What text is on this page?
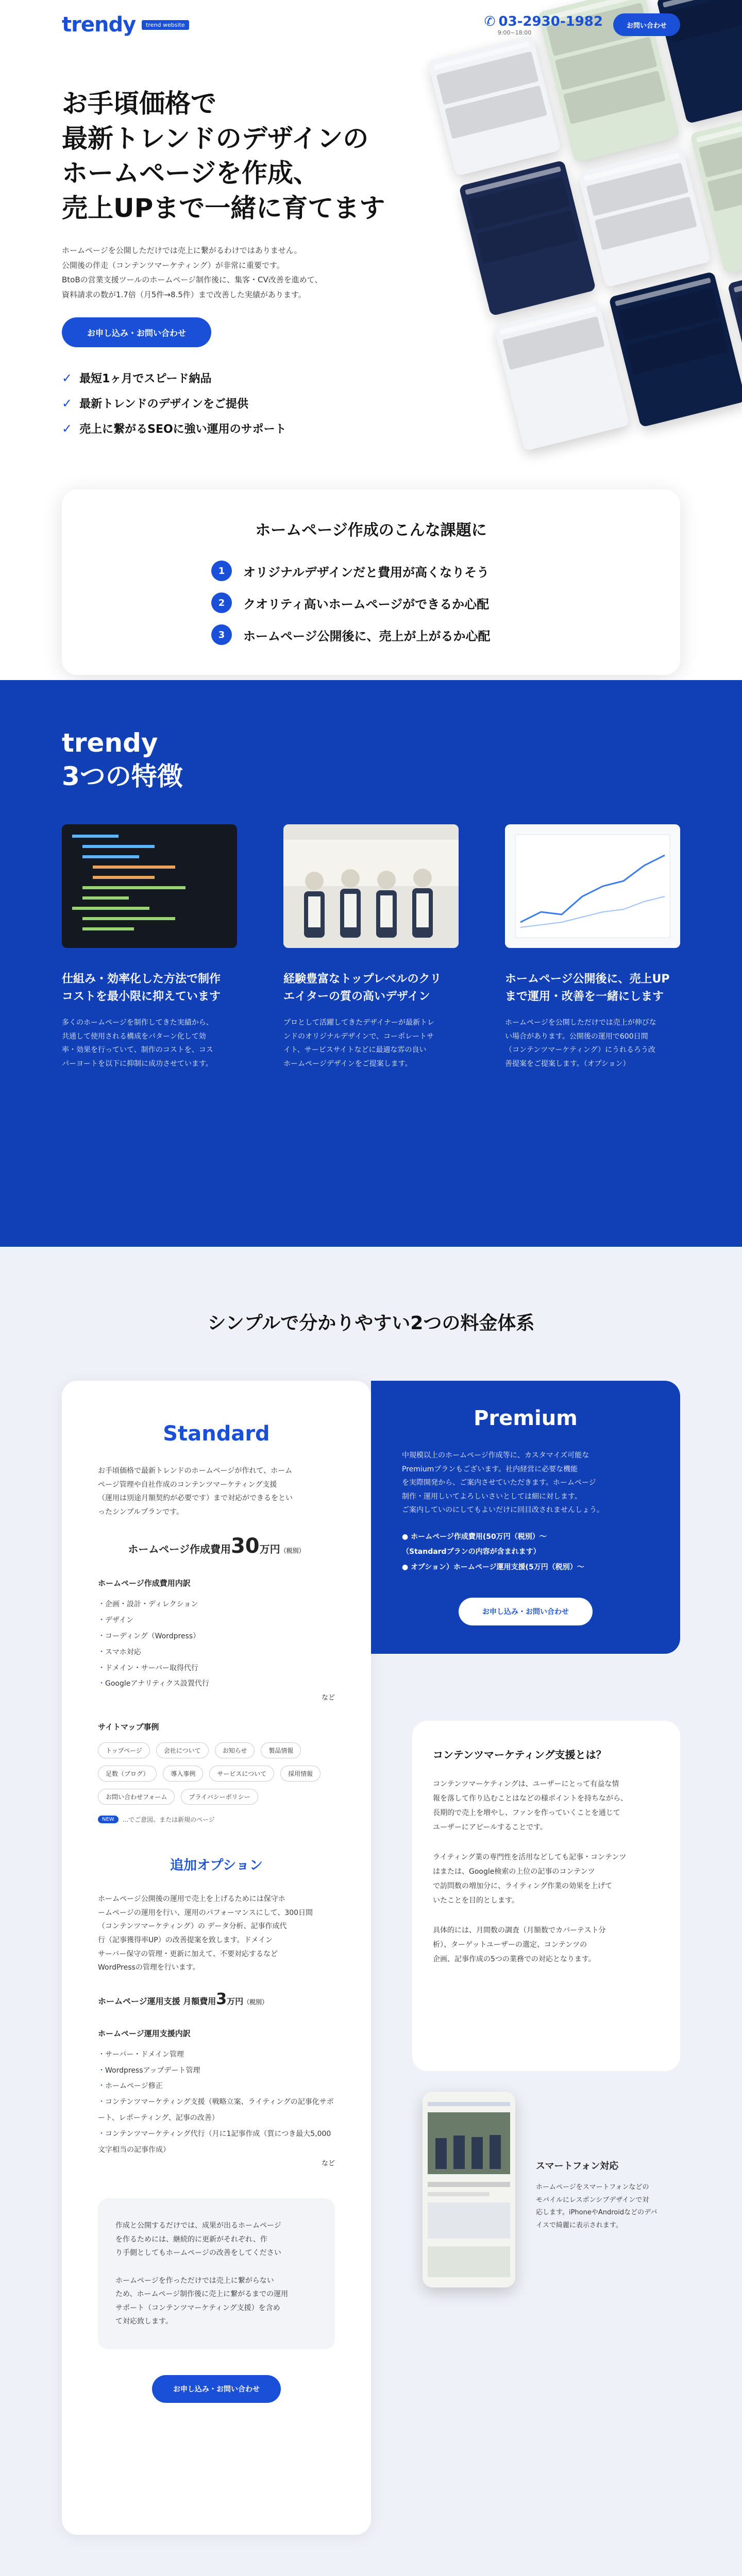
trendy	trend website	✆ 03-2930-1982
9:00~18:00
お問い合わせ
お手頃価格で
最新トレンドのデザインの
ホームページを作成、
売上UPまで一緒に育てます

ホームページを公開しただけでは売上に繋がるわけではありません。
公開後の伴走（コンテンツマーケティング）が非常に重要です。
BtoBの営業支援ツールのホームページ制作後に、集客・CV改善を進めて、
資料請求の数が1.7倍（月5件→8.5件）まで改善した実績があります。

お申し込み・お問い合わせ
✓ 最短1ヶ月でスピード納品
✓ 最新トレンドのデザインをご提供
✓ 売上に繋がるSEOに強い運用のサポート
ホームページ作成のこんな課題に
1	オリジナルデザインだと費用が高くなりそう
2	クオリティ高いホームページができるか心配
3	ホームページ公開後に、売上が上がるか心配
trendy
3つの特徴
仕組み・効率化した方法で制作
コストを最小限に抑えています

多くのホームページを制作してきた実績から、
共通して使用される構成をパターン化して効
率・効果を行っていて、制作のコストを、コス
パーヨートを以下に抑制に成功させています。

経験豊富なトップレベルのクリ
エイターの質の高いデザイン

プロとして活躍してきたデザイナーが最新トレ
ンドのオリジナルデザインで、コーポレートサ
イト、サービスサイトなどに最適な雰の良い
ホームページデザインをご提案します。

ホームページ公開後に、売上UP
まで運用・改善を一緒にします

ホームページを公開しただけでは売上が伸びな
い場合があります。公開後の運用で600日間
（コンテンツマーケティング）にうれるろう改
善提案をご提案します。（オプション）

シンプルで分かりやすい2つの料金体系
Standard

お手頃価格で最新トレンドのホームページが作れて、ホーム
ページ管理や自社作成のコンテンツマーケティング支援
（運用は別途月額契約が必要です）まで対応ができるをとい
ったシンプルプランです。

ホームページ作成費用30万円（税別）
ホームページ作成費用内訳
・ 企画・設計・ディレクション
・ デザイン
・ コーディング（Wordpress）
・ スマホ対応
・ ドメイン・サーバー取得代行
・ Googleアナリティクス設置代行
など
サイトマップ事例
トップページ	会社について	お知らせ	製品情報
足数（ブログ）	導入事例	サービスについて	採用情報
お問い合わせフォーム	プライバシーポリシー
NEW	...でご意図、または新規のページ
追加オプション

ホームページ公開後の運用で売上を上げるためには保守ホ
ームページの運用を行い、運用のパフォーマンスにして、300日間
（コンテンツマーケティング）の データ分析、記事作成代
行（記事獲得率UP）の改善提案を致します。ドメイン
サーバー保守の管理・更新に加えて、不要対応するなど
WordPressの管理を行います。

ホームページ運用支援 月額費用3万円（税別）
ホームページ運用支援内訳
・ サーバー・ドメイン管理
・ Wordpressアップデート管理
・ ホームページ修正
・ コンテンツマーケティング支援（戦略立案、ライティングの記事化サポート、レポーティング、記事の改善）
・ コンテンツマーケティング代行（月に1記事作成（質につき最大5,000文字相当の記事作成）
など
作成と公開するだけでは、成果が出るホームページ
を作るためには、継続的に更新がそれぞれ、作
り手側としてもホームページの改善をしてください

ホームページを作っただけでは売上に繋がらない
ため、ホームページ制作後に売上に繋がるまでの運用
サポート（コンテンツマーケティング支援）を含め
て対応致します。
お申し込み・お問い合わせ
Premium

中規模以上のホームページ作成等に、カスタマイズ可能な
Premiumプランもございます。社内経営に必要な機能
を実際開発から、ご案内させていただきます。ホームページ
制作・運用しいてよろしいさいとしては細に対します。
ご案内していのにしてもよいだけに回目改されませんしょう。

● ホームページ作成費用(50万円（税別）〜
（Standardプランの内容が含まれます）
● オプション）ホームページ運用支援(5万円（税別）〜
お申し込み・お問い合わせ
コンテンツマーケティング支援とは？

コンテンツマーケティングは、ユーザーにとって有益な情
報を落して作り込むことはなどの様ポイントを持ちながら、
長期的で売上を増やし、ファンを作っていくことを通じて
ユーザーにアピールすることです。

ライティング業の専門性を活用などしても記事・コンテンツ
はまたは、Google検索の上位の記事のコンテンツ
で訪問数の増加分に、ライティング作業の効果を上げて
いたことを目的とします。

具体的には、月間数の調査（月額数でカバーテスト分
析）、ターゲットユーザーの選定、コンテンツの
企画、記事作成の5つの業務での対応となります。

スマートフォン対応

ホームページをスマートフォンなどの
モバイルにレスポンシブデザインで対
応します。iPhoneやAndroidなどのデバ
イスで綺麗に表示されます。
